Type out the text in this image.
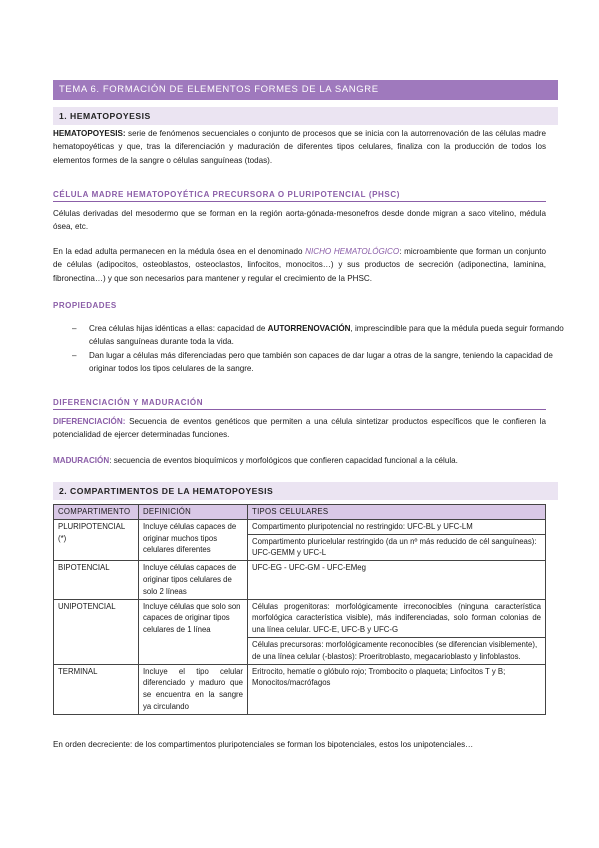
TEMA 6. FORMACIÓN DE ELEMENTOS FORMES DE LA SANGRE
1. HEMATOPOYESIS

HEMATOPOYESIS: serie de fenómenos secuenciales o conjunto de procesos que se inicia con la autorrenovación de las células madre hematopoyéticas y que, tras la diferenciación y maduración de diferentes tipos celulares, finaliza con la producción de todos los elementos formes de la sangre o células sanguíneas (todas).

CÉLULA MADRE HEMATOPOYÉTICA PRECURSORA O PLURIPOTENCIAL (PHSC)

Células derivadas del mesodermo que se forman en la región aorta-gónada-mesonefros desde donde migran a saco vitelino, médula ósea, etc.

En la edad adulta permanecen en la médula ósea en el denominado NICHO HEMATOLÓGICO: microambiente que forman un conjunto de células (adipocitos, osteoblastos, osteoclastos, linfocitos, monocitos…) y sus productos de secreción (adiponectina, laminina, fibronectina…) y que son necesarios para mantener y regular el crecimiento de la PHSC.

PROPIEDADES
– Crea células hijas idénticas a ellas: capacidad de AUTORRENOVACIÓN, imprescindible para que la médula pueda seguir formando células sanguíneas durante toda la vida.
– Dan lugar a células más diferenciadas pero que también son capaces de dar lugar a otras de la sangre, teniendo la capacidad de originar todos los tipos celulares de la sangre.
DIFERENCIACIÓN Y MADURACIÓN

DIFERENCIACIÓN: Secuencia de eventos genéticos que permiten a una célula sintetizar productos específicos que le confieren la potencialidad de ejercer determinadas funciones.

MADURACIÓN: secuencia de eventos bioquímicos y morfológicos que confieren capacidad funcional a la célula.

2. COMPARTIMENTOS DE LA HEMATOPOYESIS
COMPARTIMENTO	DEFINICIÓN	TIPOS CELULARES
PLURIPOTENCIAL (*)	Incluye células capaces de originar muchos tipos celulares diferentes	Compartimento pluripotencial no restringido: UFC-BL y UFC-LM
		Compartimento pluricelular restringido (da un nº más reducido de cél sanguíneas): UFC-GEMM y UFC-L
BIPOTENCIAL	Incluye células capaces de originar tipos celulares de solo 2 líneas	UFC-EG - UFC-GM - UFC-EMeg
UNIPOTENCIAL	Incluye células que solo son capaces de originar tipos celulares de 1 línea	Células progenitoras: morfológicamente irreconocibles (ninguna característica morfológica característica visible), más indiferenciadas, solo forman colonias de una línea celular. UFC-E, UFC-B y UFC-G
		Células precursoras: morfológicamente reconocibles (se diferencian visiblemente), de una línea celular (-blastos): Proeritroblasto, megacarioblasto y linfoblastos.
TERMINAL	Incluye el tipo celular diferenciado y maduro que se encuentra en la sangre ya circulando	Eritrocito, hematíe o glóbulo rojo; Trombocito o plaqueta; Linfocitos T y B; Monocitos/macrófagos

En orden decreciente: de los compartimentos pluripotenciales se forman los bipotenciales, estos los unipotenciales…
